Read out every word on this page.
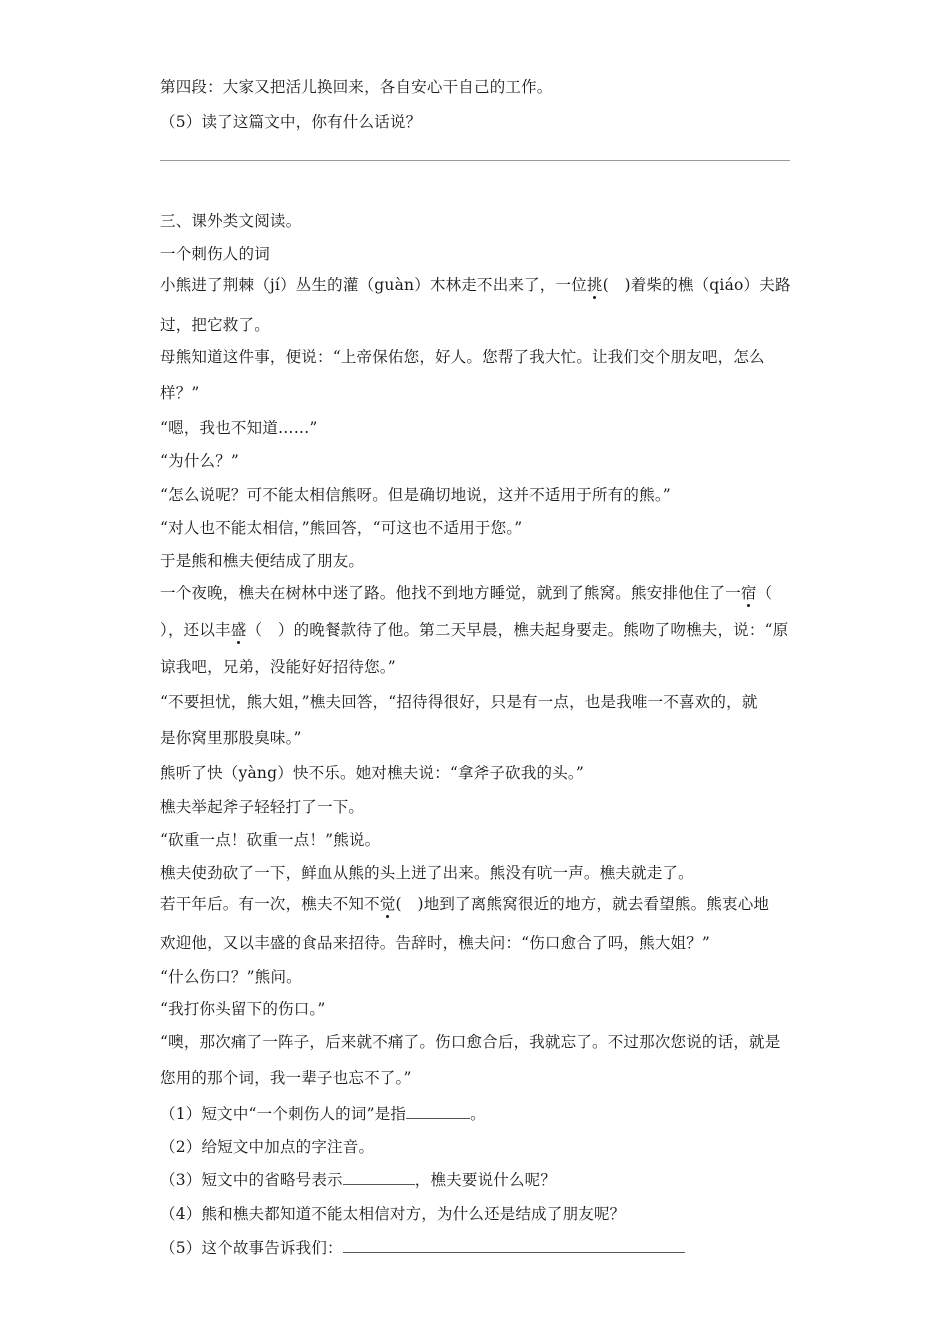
第四段：大家又把活儿换回来，各自安心干自己的工作。

（5）读了这篇文中，你有什么话说？

三、课外类文阅读。

一个刺伤人的词

小熊进了荆棘（jí）丛生的灌（guàn）木林走不出来了，一位挑(　)着柴的樵（qiáo）夫路

过，把它救了。

母熊知道这件事，便说：“上帝保佑您，好人。您帮了我大忙。让我们交个朋友吧，怎么

样？”

“嗯，我也不知道……”

“为什么？”

“怎么说呢？可不能太相信熊呀。但是确切地说，这并不适用于所有的熊。”

“对人也不能太相信，”熊回答，“可这也不适用于您。”

于是熊和樵夫便结成了朋友。

一个夜晚，樵夫在树林中迷了路。他找不到地方睡觉，就到了熊窝。熊安排他住了一宿（

），还以丰盛（　）的晚餐款待了他。第二天早晨，樵夫起身要走。熊吻了吻樵夫，说：“原

谅我吧，兄弟，没能好好招待您。”

“不要担忧，熊大姐，”樵夫回答，“招待得很好，只是有一点，也是我唯一不喜欢的，就

是你窝里那股臭味。”

熊听了快（yàng）快不乐。她对樵夫说：“拿斧子砍我的头。”

樵夫举起斧子轻轻打了一下。

“砍重一点！砍重一点！”熊说。

樵夫使劲砍了一下，鲜血从熊的头上迸了出来。熊没有吭一声。樵夫就走了。

若干年后。有一次，樵夫不知不觉(　)地到了离熊窝很近的地方，就去看望熊。熊衷心地

欢迎他，又以丰盛的食品来招待。告辞时，樵夫问：“伤口愈合了吗，熊大姐？”

“什么伤口？”熊问。

“我打你头留下的伤口。”

“噢，那次痛了一阵子，后来就不痛了。伤口愈合后，我就忘了。不过那次您说的话，就是

您用的那个词，我一辈子也忘不了。”

（1）短文中“一个刺伤人的词”是指	。

（2）给短文中加点的字注音。

（3）短文中的省略号表示	，樵夫要说什么呢？

（4）熊和樵夫都知道不能太相信对方，为什么还是结成了朋友呢？

（5）这个故事告诉我们：
